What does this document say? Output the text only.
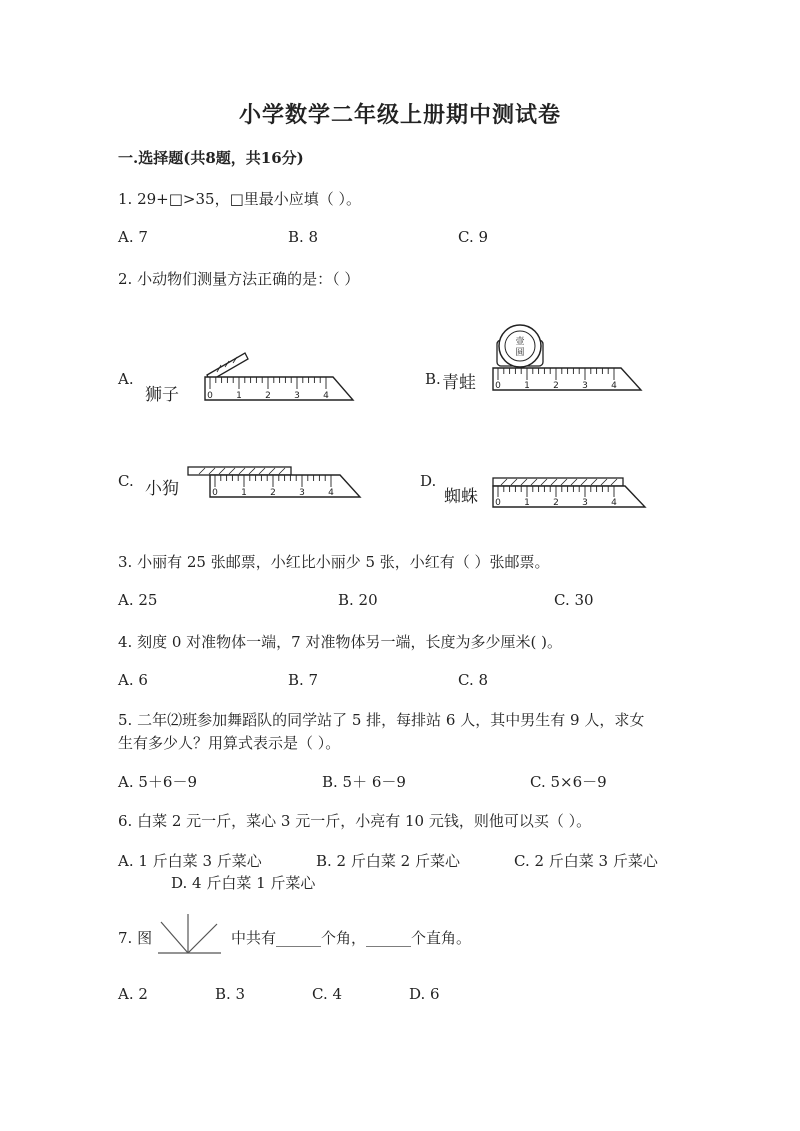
小学数学二年级上册期中测试卷
一.选择题(共8题，共16分)
1. 29+□>35，□里最小应填（ ）。
A. 7	B. 8	C. 9
2. 小动物们测量方法正确的是：（ ）
A.
狮子	0	1	2	3	4
B. 青蛙
壹
圆
0	1	2	3	4
C. 小狗	0	1	2	3	4
D.
蜘蛛 0	1	2	3	4
3. 小丽有 25 张邮票，小红比小丽少 5 张，小红有（ ）张邮票。
A. 25	B. 20	C. 30
4. 刻度 0 对准物体一端，7 对准物体另一端，长度为多少厘米( )。
A. 6	B. 7	C. 8
5. 二年⑵班参加舞蹈队的同学站了 5 排，每排站 6 人，其中男生有 9 人，求女
生有多少人？用算式表示是（ ）。
A. 5＋6－9	B. 5＋ 6－9	C. 5×6－9
6. 白菜 2 元一斤，菜心 3 元一斤，小亮有 10 元钱，则他可以买（ ）。
A. 1 斤白菜 3 斤菜心	B. 2 斤白菜 2 斤菜心	C. 2 斤白菜 3 斤菜心
D. 4 斤白菜 1 斤菜心
7. 图	中共有______个角，______个直角。
A. 2	B. 3	C. 4	D. 6
